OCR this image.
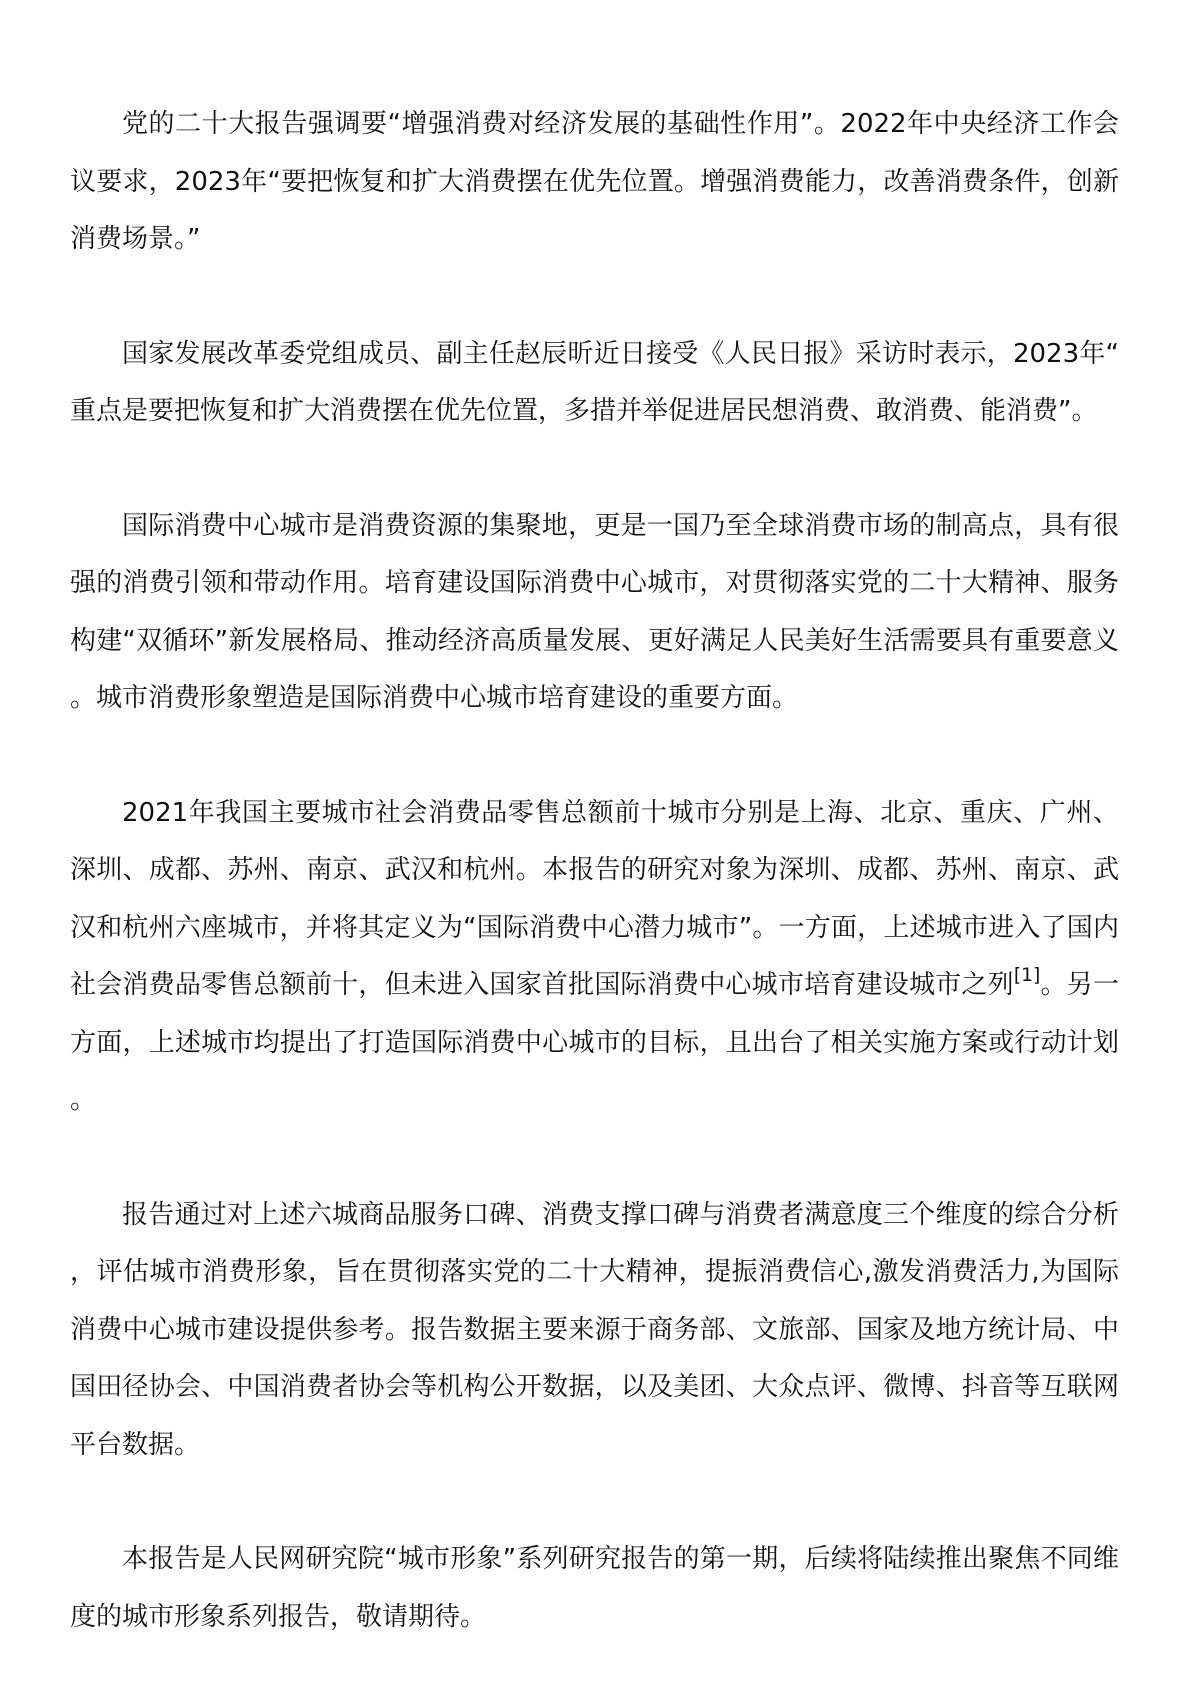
党的二十大报告强调要“增强消费对经济发展的基础性作用”。2022年中央经济工作会议要求，2023年“要把恢复和扩大消费摆在优先位置。增强消费能力，改善消费条件，创新消费场景。”

国家发展改革委党组成员、副主任赵辰昕近日接受《人民日报》采访时表示，2023年“重点是要把恢复和扩大消费摆在优先位置，多措并举促进居民想消费、敢消费、能消费”。

国际消费中心城市是消费资源的集聚地，更是一国乃至全球消费市场的制高点，具有很强的消费引领和带动作用。培育建设国际消费中心城市，对贯彻落实党的二十大精神、服务构建“双循环”新发展格局、推动经济高质量发展、更好满足人民美好生活需要具有重要意义。城市消费形象塑造是国际消费中心城市培育建设的重要方面。

2021年我国主要城市社会消费品零售总额前十城市分别是上海、北京、重庆、广州、深圳、成都、苏州、南京、武汉和杭州。本报告的研究对象为深圳、成都、苏州、南京、武汉和杭州六座城市，并将其定义为“国际消费中心潜力城市”。一方面，上述城市进入了国内社会消费品零售总额前十，但未进入国家首批国际消费中心城市培育建设城市之列[1]。另一方面，上述城市均提出了打造国际消费中心城市的目标，且出台了相关实施方案或行动计划。

报告通过对上述六城商品服务口碑、消费支撑口碑与消费者满意度三个维度的综合分析，评估城市消费形象，旨在贯彻落实党的二十大精神，提振消费信心,激发消费活力,为国际消费中心城市建设提供参考。报告数据主要来源于商务部、文旅部、国家及地方统计局、中国田径协会、中国消费者协会等机构公开数据，以及美团、大众点评、微博、抖音等互联网平台数据。

本报告是人民网研究院“城市形象”系列研究报告的第一期，后续将陆续推出聚焦不同维度的城市形象系列报告，敬请期待。
